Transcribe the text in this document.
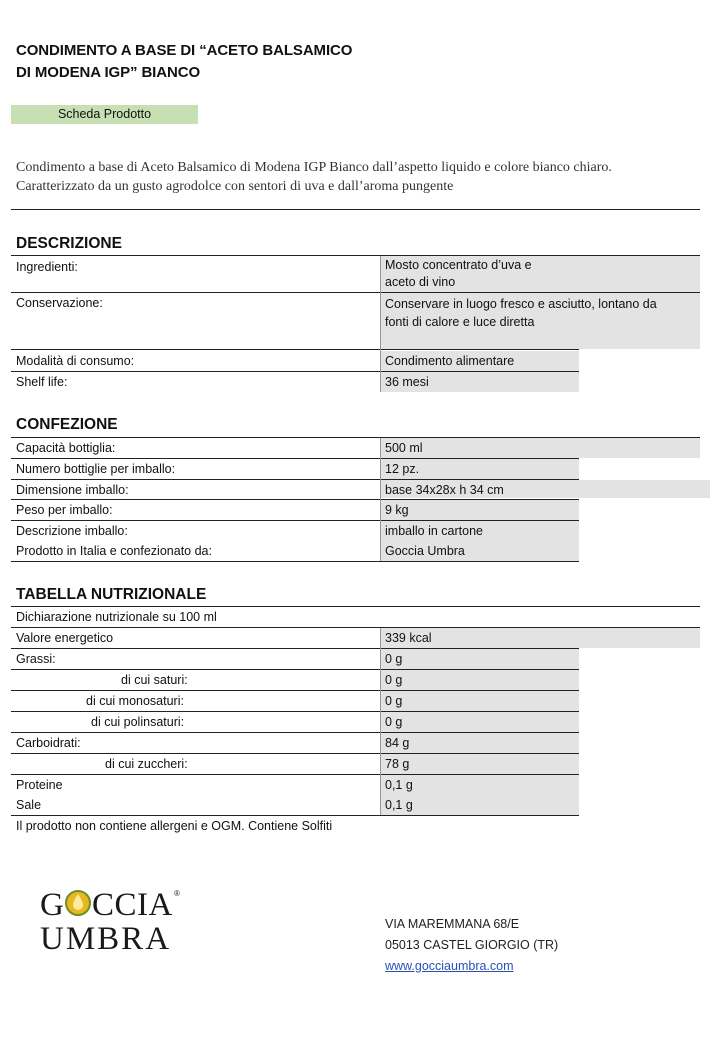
CONDIMENTO A BASE DI “ACETO BALSAMICO
DI MODENA IGP” BIANCO
Scheda Prodotto
Condimento a base di Aceto Balsamico di Modena IGP Bianco dall’aspetto liquido e colore bianco chiaro.
Caratterizzato da un gusto agrodolce con sentori di uva e dall’aroma pungente
DESCRIZIONE
Ingredienti:	Mosto concentrato d’uva e
aceto di vino
Conservazione:	Conservare in luogo fresco e asciutto, lontano da
fonti di calore e luce diretta
Modalità di consumo:	Condimento alimentare
Shelf life:	36 mesi
CONFEZIONE
Capacità bottiglia:	500 ml
Numero bottiglie per imballo:	12 pz.
Dimensione imballo:	base 34x28x h 34 cm
Peso per imballo:	9 kg
Descrizione imballo:	imballo in cartone
Prodotto in Italia e confezionato da:	Goccia Umbra
TABELLA NUTRIZIONALE
Dichiarazione nutrizionale su 100 ml
Valore energetico	339 kcal
Grassi:	0 g
di cui saturi:	0 g
di cui monosaturi:	0 g
di cui polinsaturi:	0 g
Carboidrati:	84 g
di cui zuccheri:	78 g
Proteine	0,1 g
Sale	0,1 g
Il prodotto non contiene allergeni e OGM. Contiene Solfiti
G CCIA ®
UMBRA	VIA MAREMMANA 68/E
05013 CASTEL GIORGIO (TR)
www.gocciaumbra.com
